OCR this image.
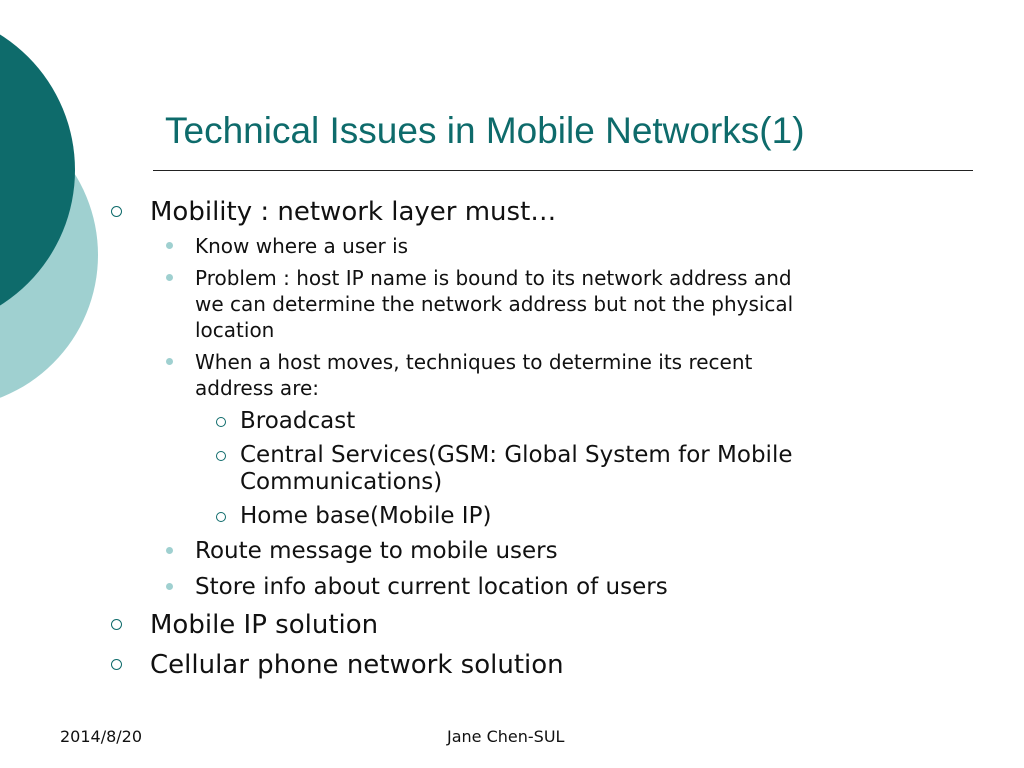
Technical Issues in Mobile Networks(1)
Mobility : network layer must…
Know where a user is
Problem : host IP name is bound to its network address and
we can determine the network address but not the physical
location
When a host moves, techniques to determine its recent
address are:
Broadcast
Central Services(GSM: Global System for Mobile
Communications)
Home base(Mobile IP)
Route message to mobile users
Store info about current location of users
Mobile IP solution
Cellular phone network solution
2014/8/20	Jane Chen-SUL
